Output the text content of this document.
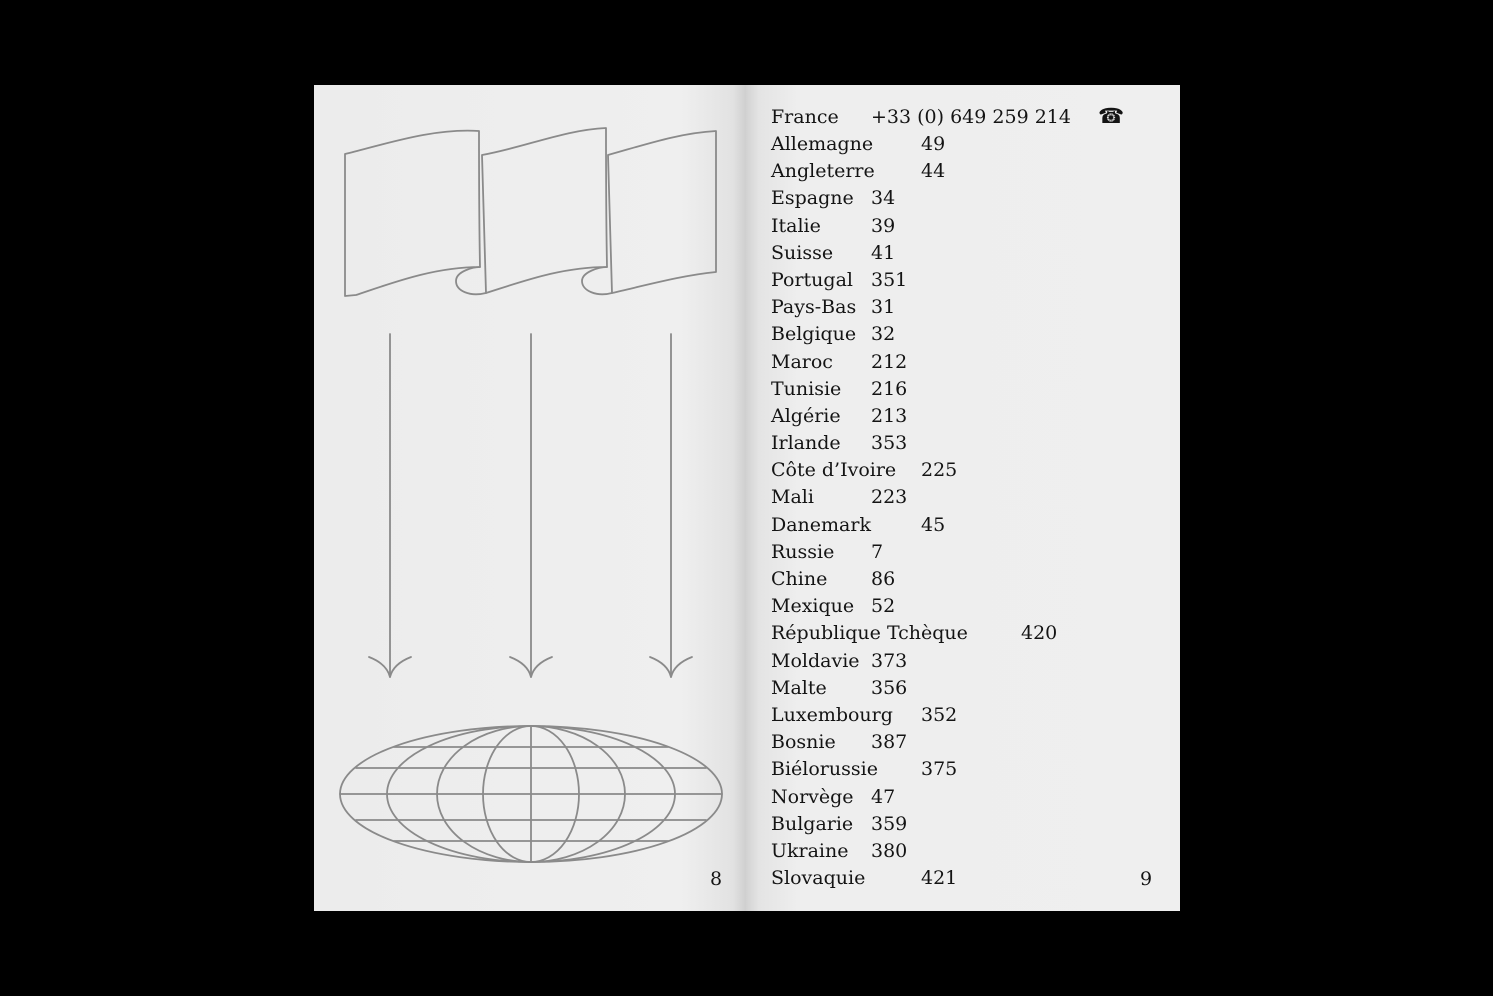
8
France +33 (0) 649 259 214 ☎
Allemagne	49
Angleterre 44
Espagne 34
Italie	39
Suisse 41
Portugal 351
Pays-Bas 31
Belgique 32
Maroc 212
Tunisie 216
Algérie 213
Irlande 353
Côte d’Ivoire 225
Mali	223
Danemark	45
Russie 7
Chine 86
Mexique 52
République Tchèque	420
Moldavie 373
Malte 356
Luxembourg 352
Bosnie 387
Biélorussie 375
Norvège 47
Bulgarie 359
Ukraine 380
Slovaquie	421	9
